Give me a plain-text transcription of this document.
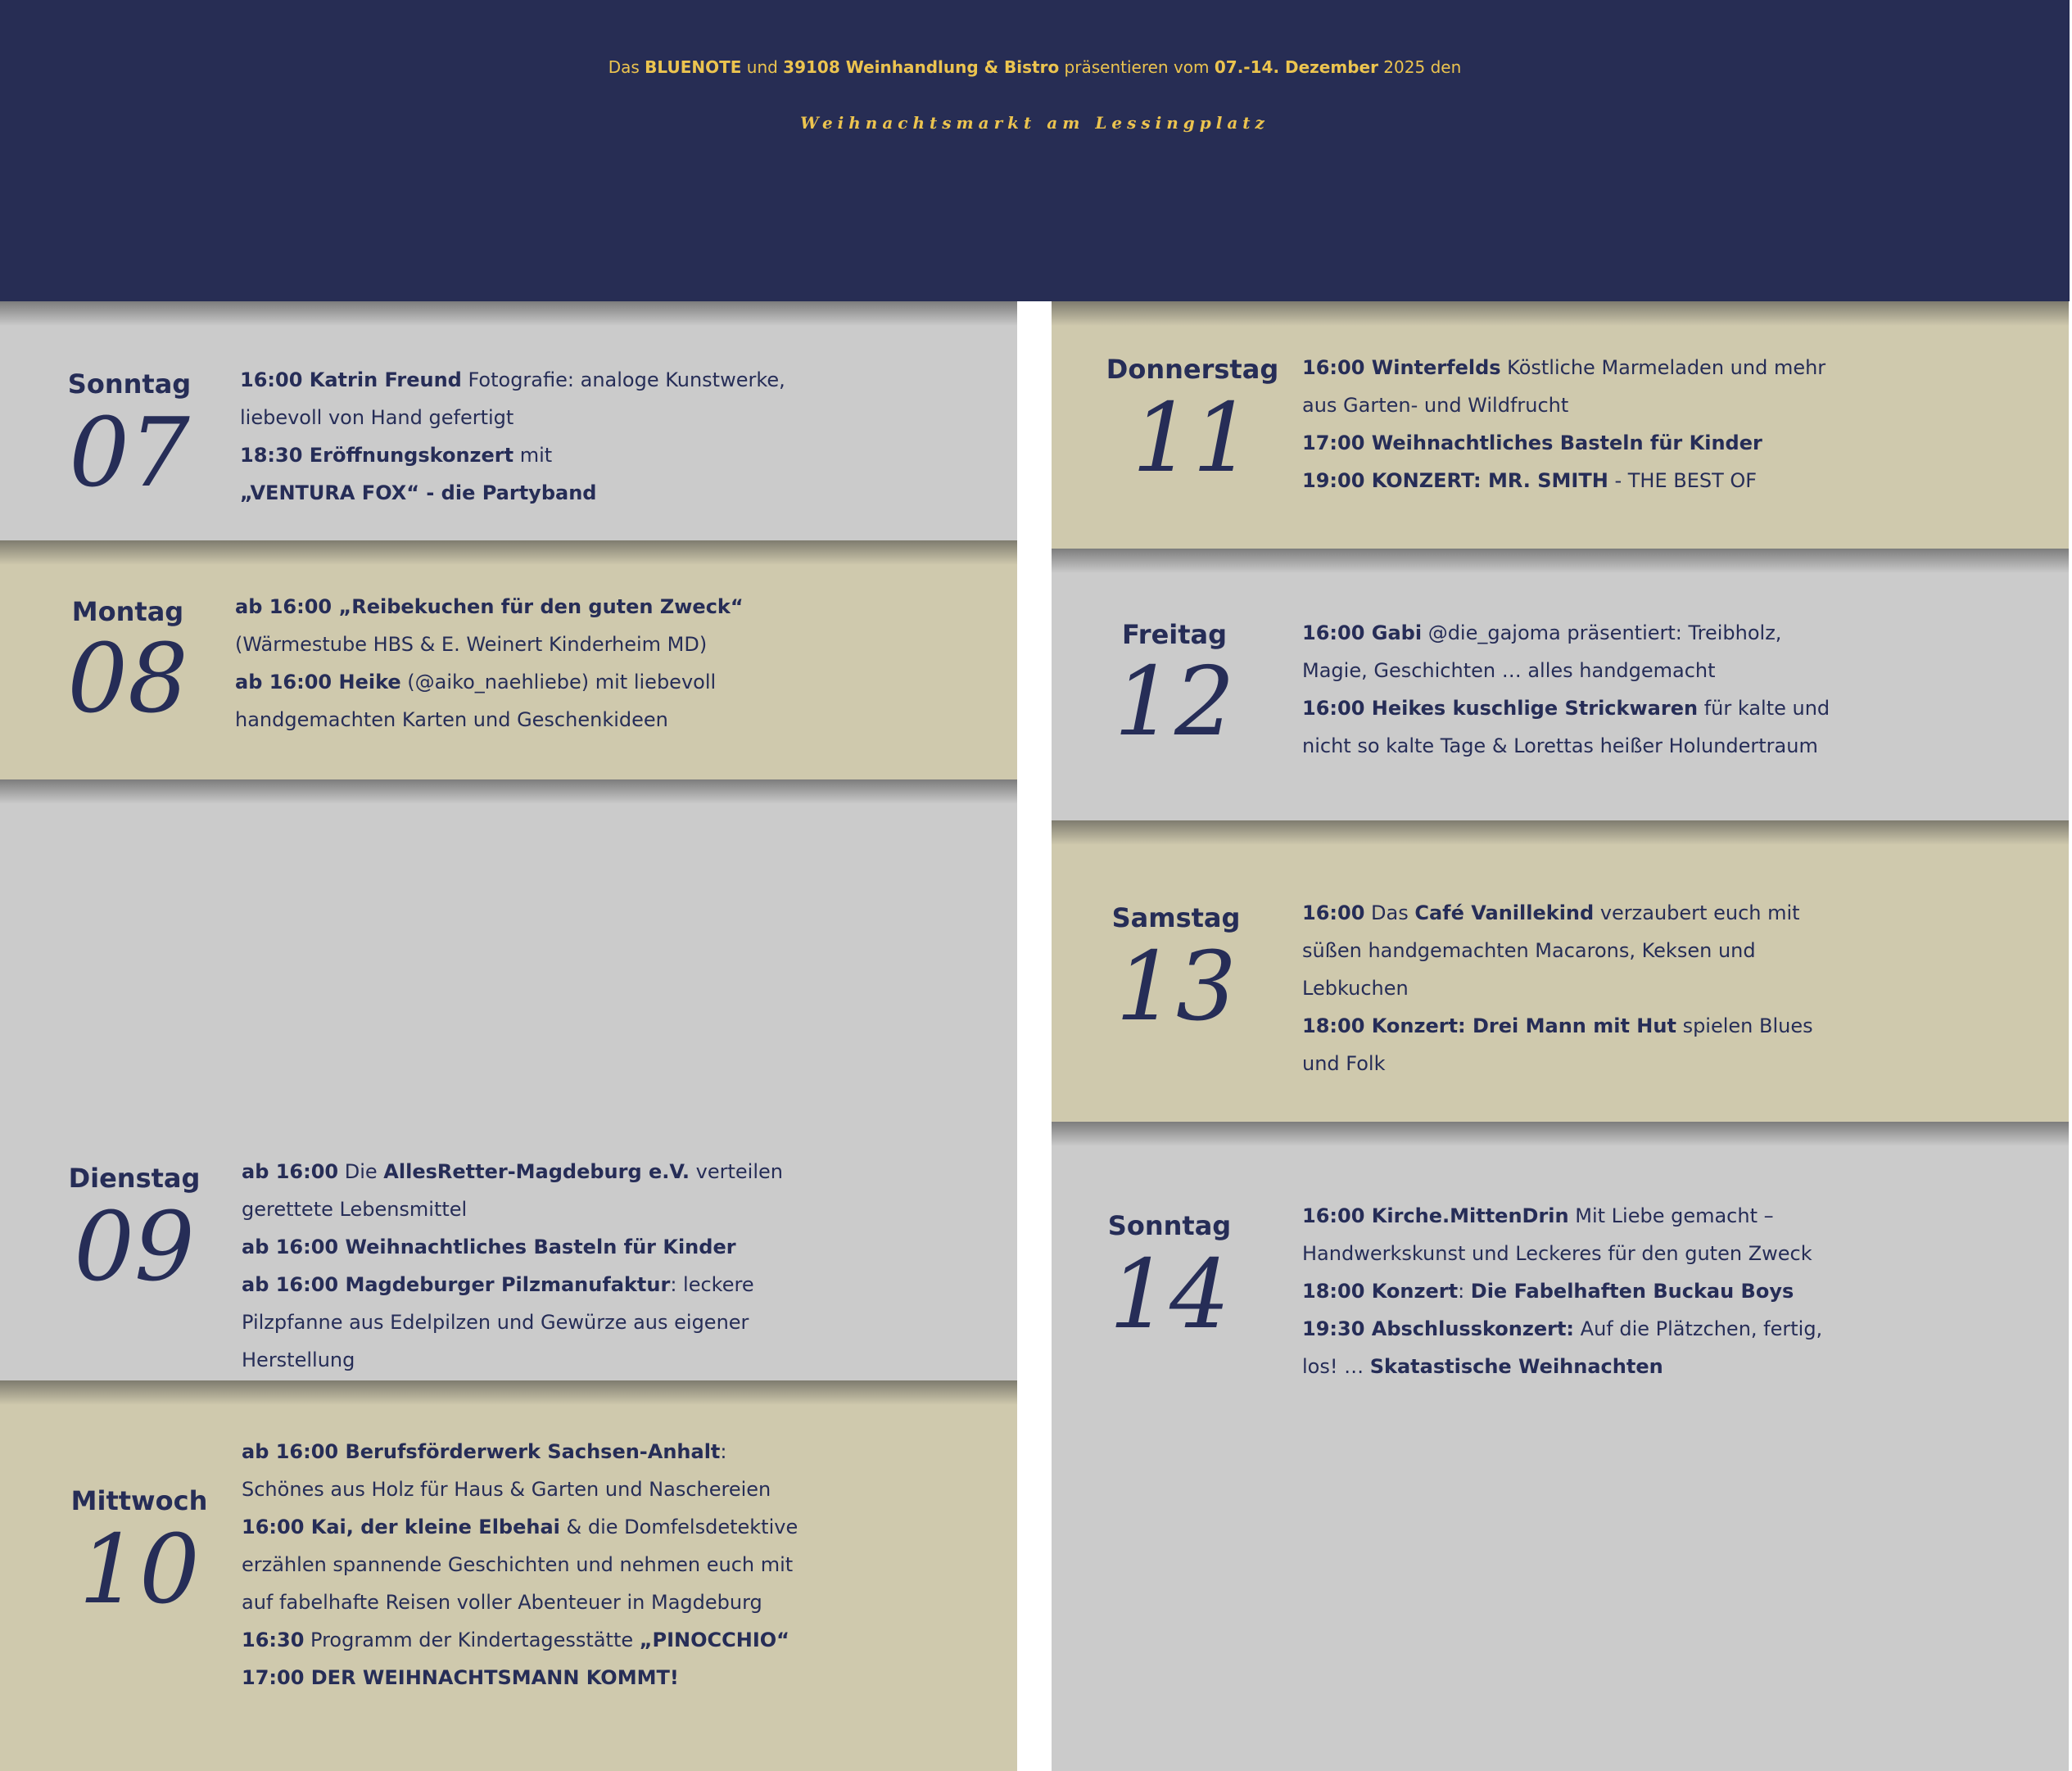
Das BLUENOTE und 39108 Weinhandlung & Bistro präsentieren vom 07.-14. Dezember 2025 den
Weihnachtsmarkt am Lessingplatz
Sonntag
07
16:00 Katrin Freund Fotografie: analoge Kunstwerke,
liebevoll von Hand gefertigt
18:30 Eröffnungskonzert mit
„VENTURA FOX“ - die Partyband
Montag
08
ab 16:00 „Reibekuchen für den guten Zweck“
(Wärmestube HBS & E. Weinert Kinderheim MD)
ab 16:00 Heike (@aiko_naehliebe) mit liebevoll
handgemachten Karten und Geschenkideen
Dienstag
09
ab 16:00 Die AllesRetter-Magdeburg e.V. verteilen
gerettete Lebensmittel
ab 16:00 Weihnachtliches Basteln für Kinder
ab 16:00 Magdeburger Pilzmanufaktur: leckere
Pilzpfanne aus Edelpilzen und Gewürze aus eigener
Herstellung
Mittwoch
10
ab 16:00 Berufsförderwerk Sachsen-Anhalt:
Schönes aus Holz für Haus & Garten und Naschereien
16:00 Kai, der kleine Elbehai & die Domfelsdetektive
erzählen spannende Geschichten und nehmen euch mit
auf fabelhafte Reisen voller Abenteuer in Magdeburg
16:30 Programm der Kindertagesstätte „PINOCCHIO“
17:00 DER WEIHNACHTSMANN KOMMT!
Donnerstag
11
16:00 Winterfelds Köstliche Marmeladen und mehr
aus Garten- und Wildfrucht
17:00 Weihnachtliches Basteln für Kinder
19:00 KONZERT: MR. SMITH - THE BEST OF
Freitag
12
16:00 Gabi @die_gajoma präsentiert: Treibholz,
Magie, Geschichten … alles handgemacht
16:00 Heikes kuschlige Strickwaren für kalte und
nicht so kalte Tage & Lorettas heißer Holundertraum
Samstag
13
16:00 Das Café Vanillekind verzaubert euch mit
süßen handgemachten Macarons, Keksen und
Lebkuchen
18:00 Konzert: Drei Mann mit Hut spielen Blues
und Folk
Sonntag
14
16:00 Kirche.MittenDrin Mit Liebe gemacht –
Handwerkskunst und Leckeres für den guten Zweck
18:00 Konzert: Die Fabelhaften Buckau Boys
19:30 Abschlusskonzert: Auf die Plätzchen, fertig,
los! … Skatastische Weihnachten
